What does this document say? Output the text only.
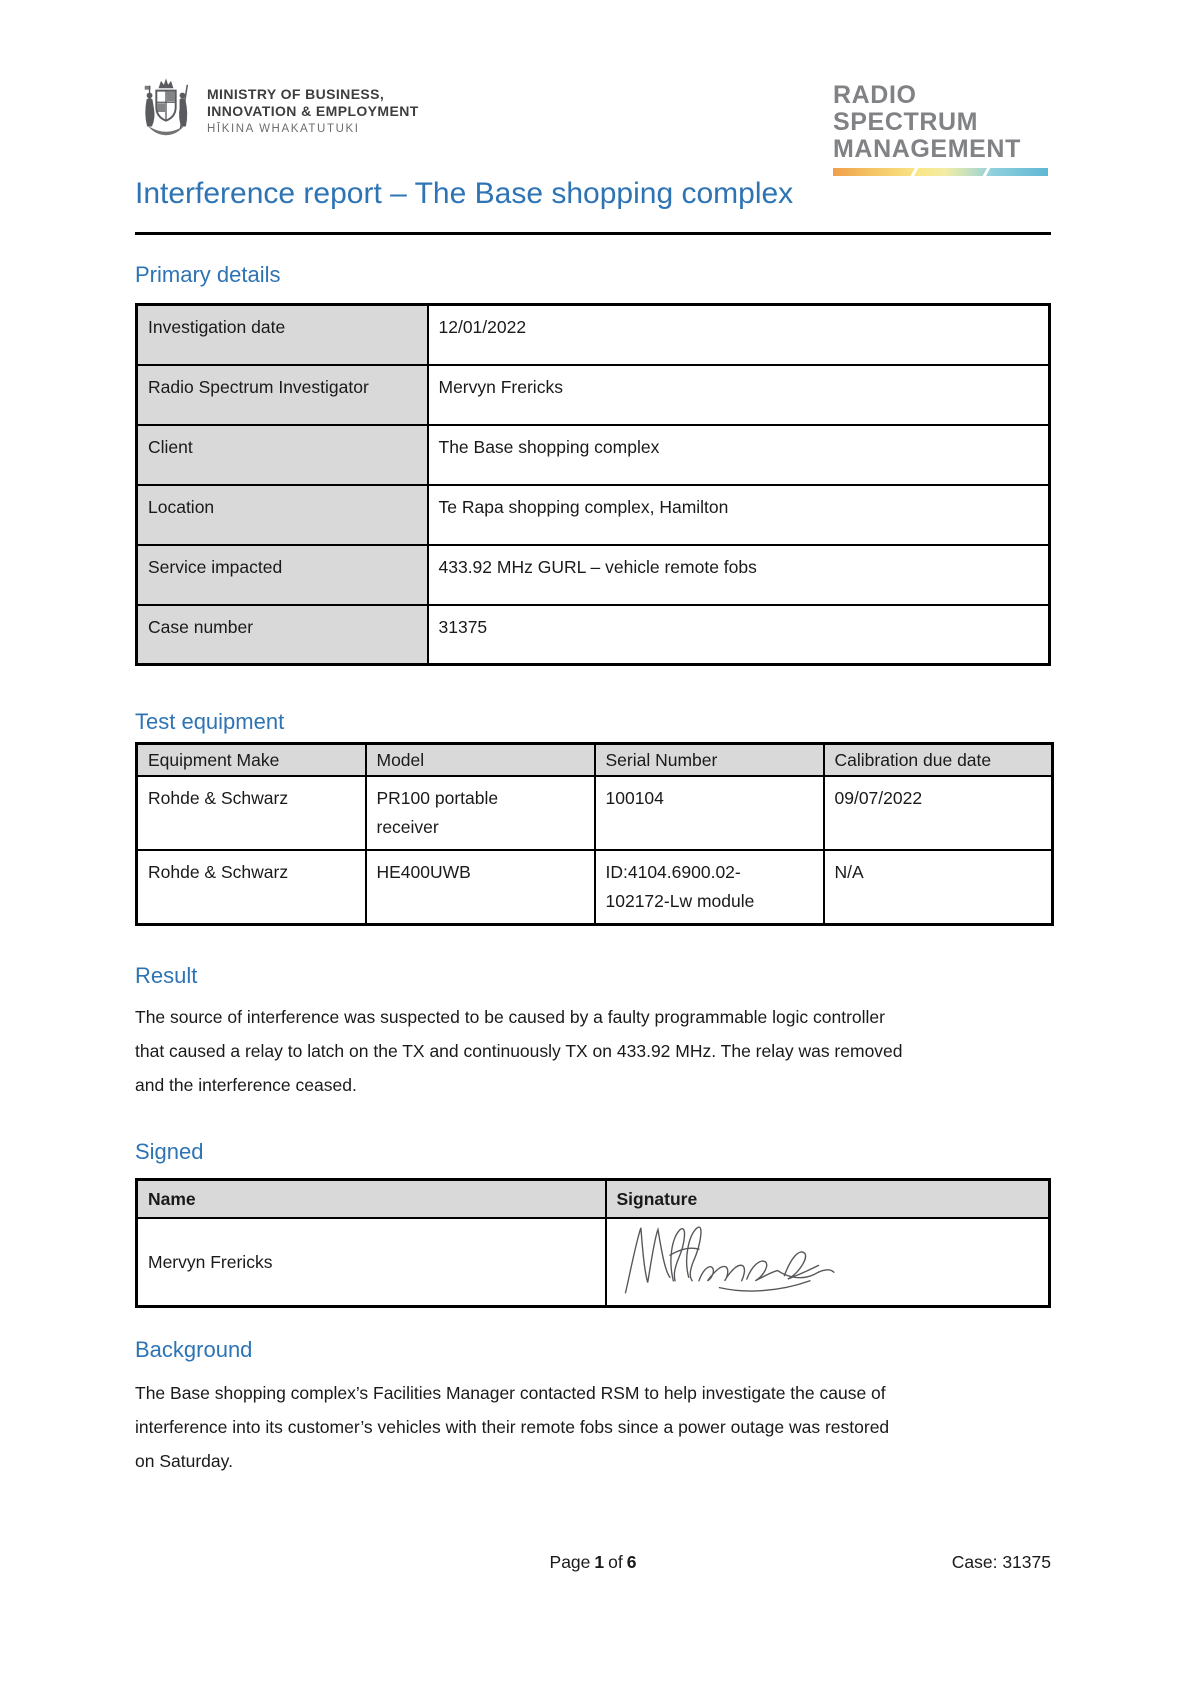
MINISTRY OF BUSINESS,
INNOVATION & EMPLOYMENT
HĪKINA WHAKATUTUKI
RADIO SPECTRUM
MANAGEMENT
Interference report – The Base shopping complex
Primary details
Investigation date	12/01/2022
Radio Spectrum Investigator	Mervyn Frericks
Client	The Base shopping complex
Location	Te Rapa shopping complex, Hamilton
Service impacted	433.92 MHz GURL – vehicle remote fobs
Case number	31375
Test equipment
Equipment Make	Model	Serial Number	Calibration due date
Rohde & Schwarz	PR100 portable receiver	100104	09/07/2022
Rohde & Schwarz	HE400UWB	ID:4104.6900.02-102172-Lw module	N/A
Result
The source of interference was suspected to be caused by a faulty programmable logic controller
that caused a relay to latch on the TX and continuously TX on 433.92 MHz. The relay was removed
and the interference ceased.
Signed
Name	Signature
Mervyn Frericks	
Background
The Base shopping complex’s Facilities Manager contacted RSM to help investigate the cause of
interference into its customer’s vehicles with their remote fobs since a power outage was restored
on Saturday.
Page 1 of 6	Case: 31375
